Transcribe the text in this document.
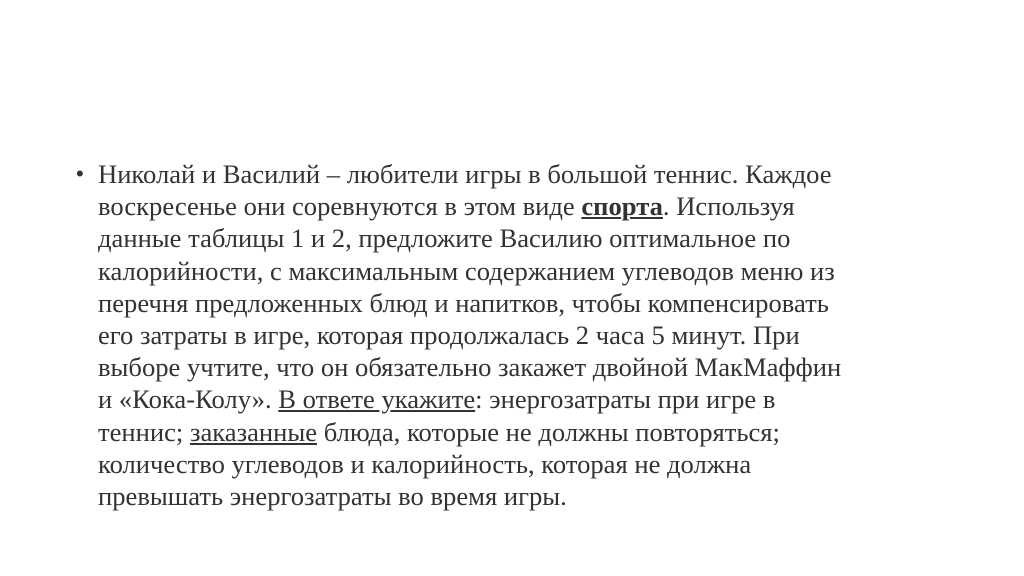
• Николай и Василий – любители игры в большой теннис. Каждое
воскресенье они соревнуются в этом виде спорта. Используя
данные таблицы 1 и 2, предложите Василию оптимальное по
калорийности, с максимальным содержанием углеводов меню из
перечня предложенных блюд и напитков, чтобы компенсировать
его затраты в игре, которая продолжалась 2 часа 5 минут. При
выборе учтите, что он обязательно закажет двойной МакМаффин
и «Кока-Колу». В ответе укажите: энергозатраты при игре в
теннис; заказанные блюда, которые не должны повторяться;
количество углеводов и калорийность, которая не должна
превышать энергозатраты во время игры.
